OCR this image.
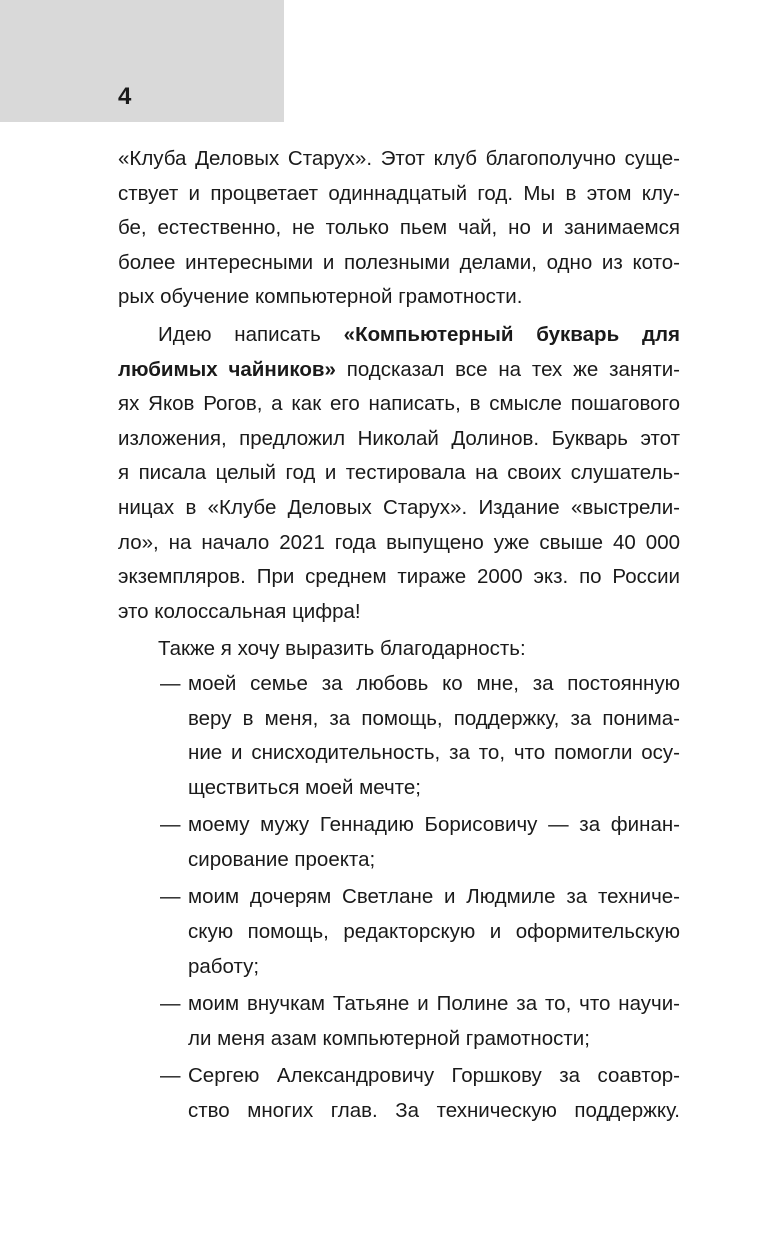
4
«Клуба Деловых Старух». Этот клуб благополучно суще-
ствует и процветает одиннадцатый год. Мы в этом клу-
бе, естественно, не только пьем чай, но и занимаемся
более интересными и полезными делами, одно из кото-
рых обучение компьютерной грамотности.
Идею написать «Компьютерный букварь для
любимых чайников» подсказал все на тех же заняти-
ях Яков Рогов, а как его написать, в смысле пошагового
изложения, предложил Николай Долинов. Букварь этот
я писала целый год и тестировала на своих слушатель-
ницах в «Клубе Деловых Старух». Издание «выстрели-
ло», на начало 2021 года выпущено уже свыше 40 000
экземпляров. При среднем тираже 2000 экз. по России
это колоссальная цифра!
Также я хочу выразить благодарность:
— моей семье за любовь ко мне, за постоянную
веру в меня, за помощь, поддержку, за понима-
ние и снисходительность, за то, что помогли осу-
ществиться моей мечте;
— моему мужу Геннадию Борисовичу — за финан-
сирование проекта;
— моим дочерям Светлане и Людмиле за техниче-
скую помощь, редакторскую и оформительскую
работу;
— моим внучкам Татьяне и Полине за то, что научи-
ли меня азам компьютерной грамотности;
— Сергею Александровичу Горшкову за соавтор-
ство многих глав. За техническую поддержку.
